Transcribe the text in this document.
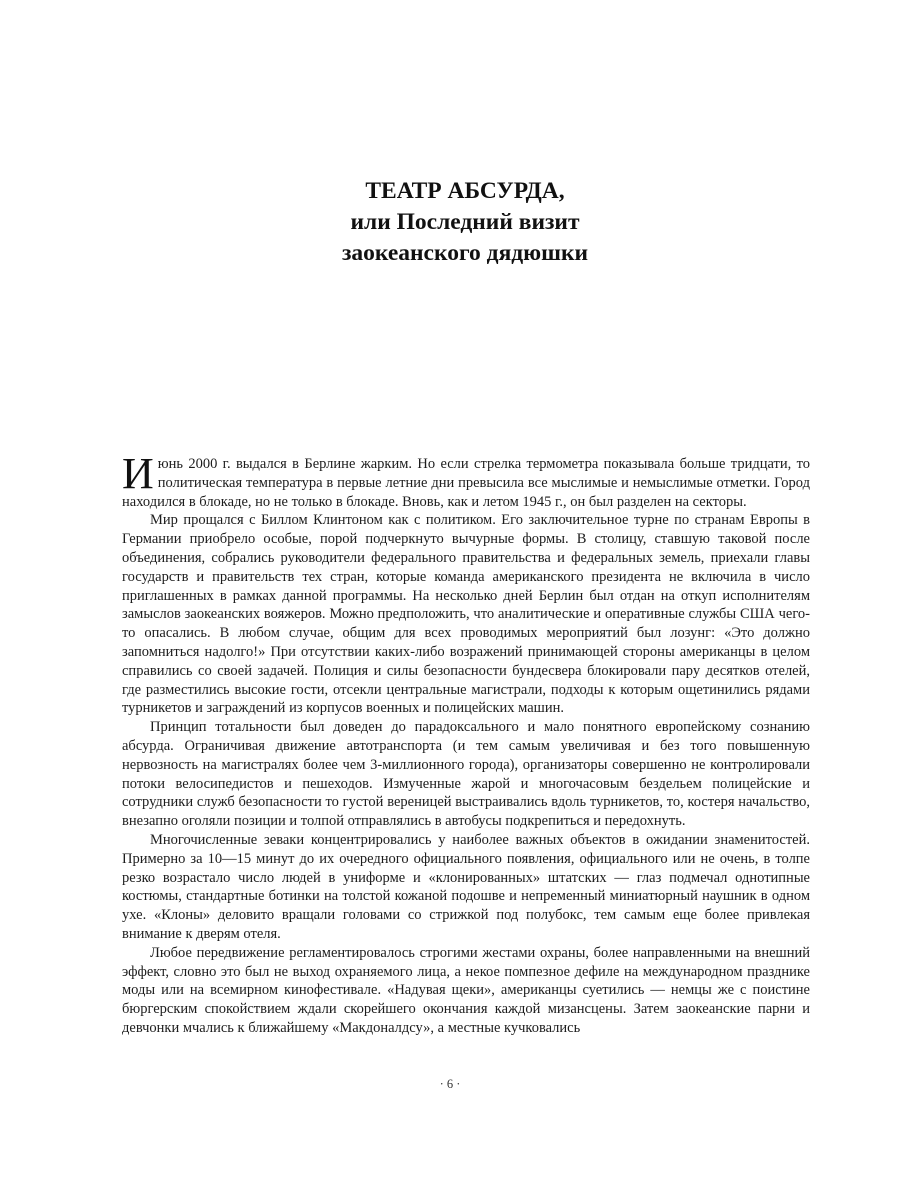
ТЕАТР АБСУРДА,
или Последний визит
заокеанского дядюшки

Июнь 2000 г. выдался в Берлине жарким. Но если стрелка термометра показывала больше тридцати, то политическая температура в первые летние дни превысила все мыслимые и немыслимые отметки. Город находился в блокаде, но не только в блокаде. Вновь, как и летом 1945 г., он был разделен на секторы.

Мир прощался с Биллом Клинтоном как с политиком. Его заключительное турне по странам Европы в Германии приобрело особые, порой подчеркнуто вычурные формы. В столицу, ставшую таковой после объединения, собрались руководители федерального правительства и федеральных земель, приехали главы государств и правительств тех стран, которые команда американского президента не включила в число приглашенных в рамках данной программы. На несколько дней Берлин был отдан на откуп исполнителям замыслов заокеанских вояжеров. Можно предположить, что аналитические и оперативные службы США чего-то опасались. В любом случае, общим для всех проводимых мероприятий был лозунг: «Это должно запомниться надолго!» При отсутствии каких-либо возражений принимающей стороны американцы в целом справились со своей задачей. Полиция и силы безопасности бундесвера блокировали пару десятков отелей, где разместились высокие гости, отсекли центральные магистрали, подходы к которым ощетинились рядами турникетов и заграждений из корпусов военных и полицейских машин.

Принцип тотальности был доведен до парадоксального и мало понятного европейскому сознанию абсурда. Ограничивая движение автотранспорта (и тем самым увеличивая и без того повышенную нервозность на магистралях более чем 3-миллионного города), организаторы совершенно не контролировали потоки велосипедистов и пешеходов. Измученные жарой и многочасовым бездельем полицейские и сотрудники служб безопасности то густой вереницей выстраивались вдоль турникетов, то, костеря начальство, внезапно оголяли позиции и толпой отправлялись в автобусы подкрепиться и передохнуть.

Многочисленные зеваки концентрировались у наиболее важных объектов в ожидании знаменитостей. Примерно за 10—15 минут до их очередного официального появления, официального или не очень, в толпе резко возрастало число людей в униформе и «клонированных» штатских — глаз подмечал однотипные костюмы, стандартные ботинки на толстой кожаной подошве и непременный миниатюрный наушник в одном ухе. «Клоны» деловито вращали головами со стрижкой под полубокс, тем самым еще более привлекая внимание к дверям отеля.

Любое передвижение регламентировалось строгими жестами охраны, более направленными на внешний эффект, словно это был не выход охраняемого лица, а некое помпезное дефиле на международном празднике моды или на всемирном кинофестивале. «Надувая щеки», американцы суетились — немцы же с поистине бюргерским спокойствием ждали скорейшего окончания каждой мизансцены. Затем заокеанские парни и девчонки мчались к ближайшему «Макдоналдсу», а местные кучковались

· 6 ·
